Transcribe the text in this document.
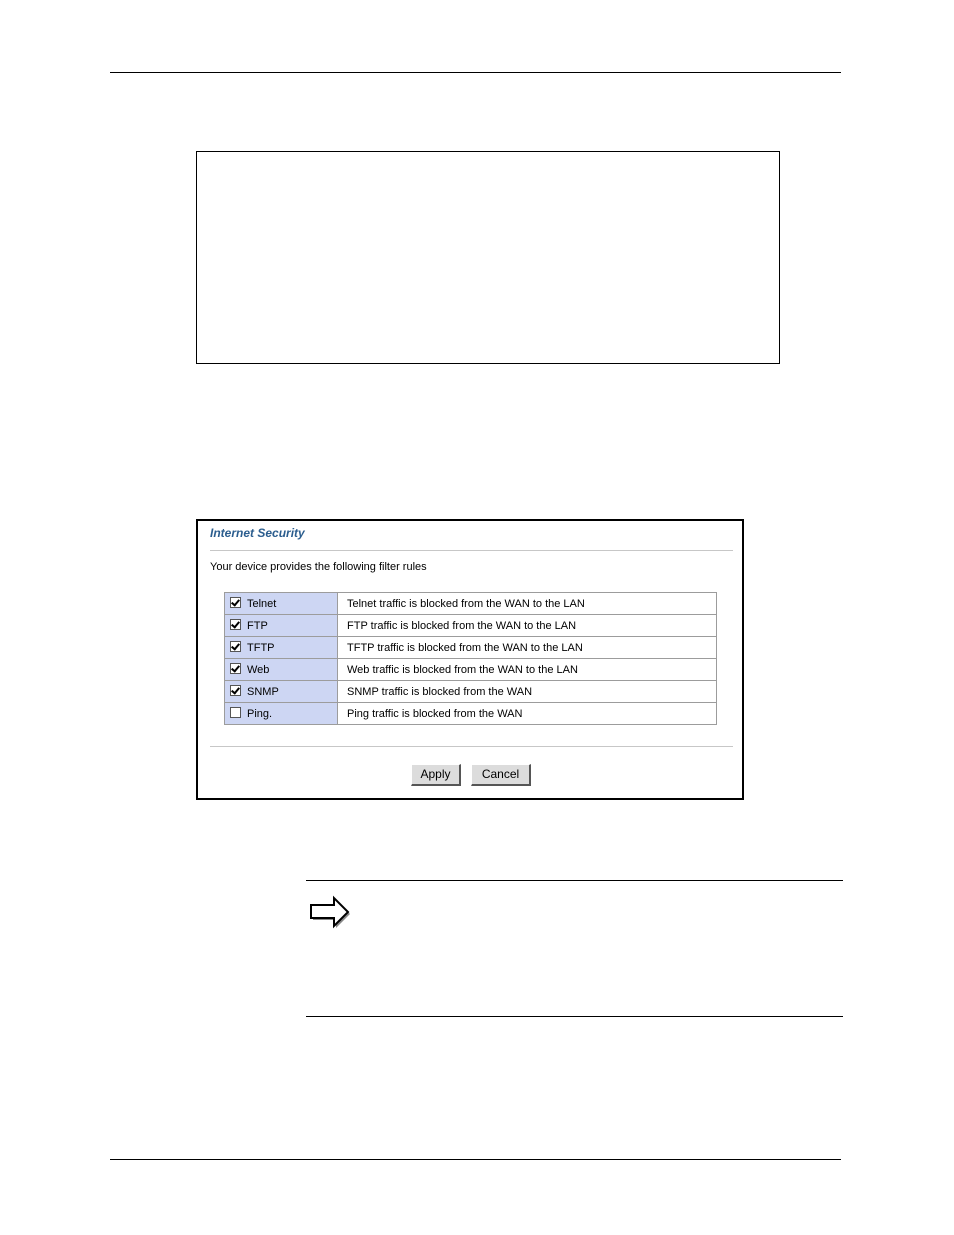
Internet Security
Your device provides the following filter rules
Telnet	Telnet traffic is blocked from the WAN to the LAN
FTP	FTP traffic is blocked from the WAN to the LAN
TFTP	TFTP traffic is blocked from the WAN to the LAN
Web	Web traffic is blocked from the WAN to the LAN
SNMP	SNMP traffic is blocked from the WAN
Ping.	Ping traffic is blocked from the WAN
Apply	Cancel
